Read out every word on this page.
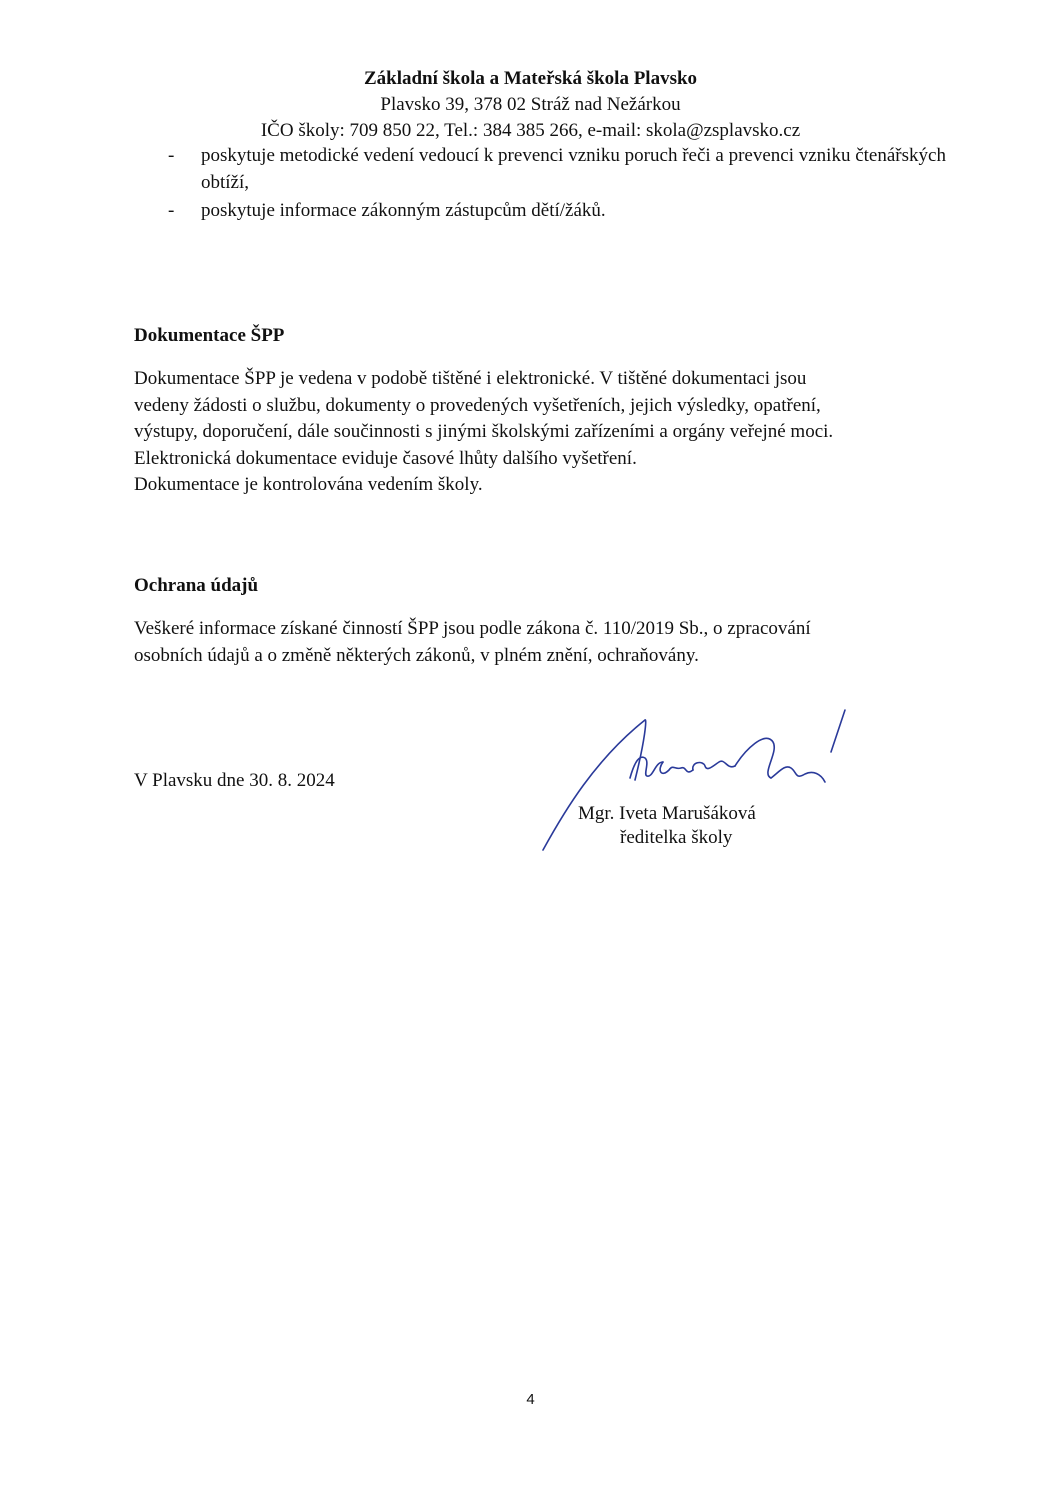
Základní škola a Mateřská škola Plavsko
Plavsko 39, 378 02 Stráž nad Nežárkou
IČO školy: 709 850 22, Tel.: 384 385 266, e-mail: skola@zsplavsko.cz
- poskytuje metodické vedení vedoucí k prevenci vzniku poruch řeči a prevenci vzniku čtenářských obtíží,
- poskytuje informace zákonným zástupcům dětí/žáků.
Dokumentace ŠPP
Dokumentace ŠPP je vedena v podobě tištěné i elektronické. V tištěné dokumentaci jsou
vedeny žádosti o službu, dokumenty o provedených vyšetřeních, jejich výsledky, opatření,
výstupy, doporučení, dále součinnosti s jinými školskými zařízeními a orgány veřejné moci.
Elektronická dokumentace eviduje časové lhůty dalšího vyšetření.
Dokumentace je kontrolována vedením školy.
Ochrana údajů
Veškeré informace získané činností ŠPP jsou podle zákona č. 110/2019 Sb., o zpracování
osobních údajů a o změně některých zákonů, v plném znění, ochraňovány.

V Plavsku dne 30. 8. 2024

Mgr. Iveta Marušáková
ředitelka školy
4
